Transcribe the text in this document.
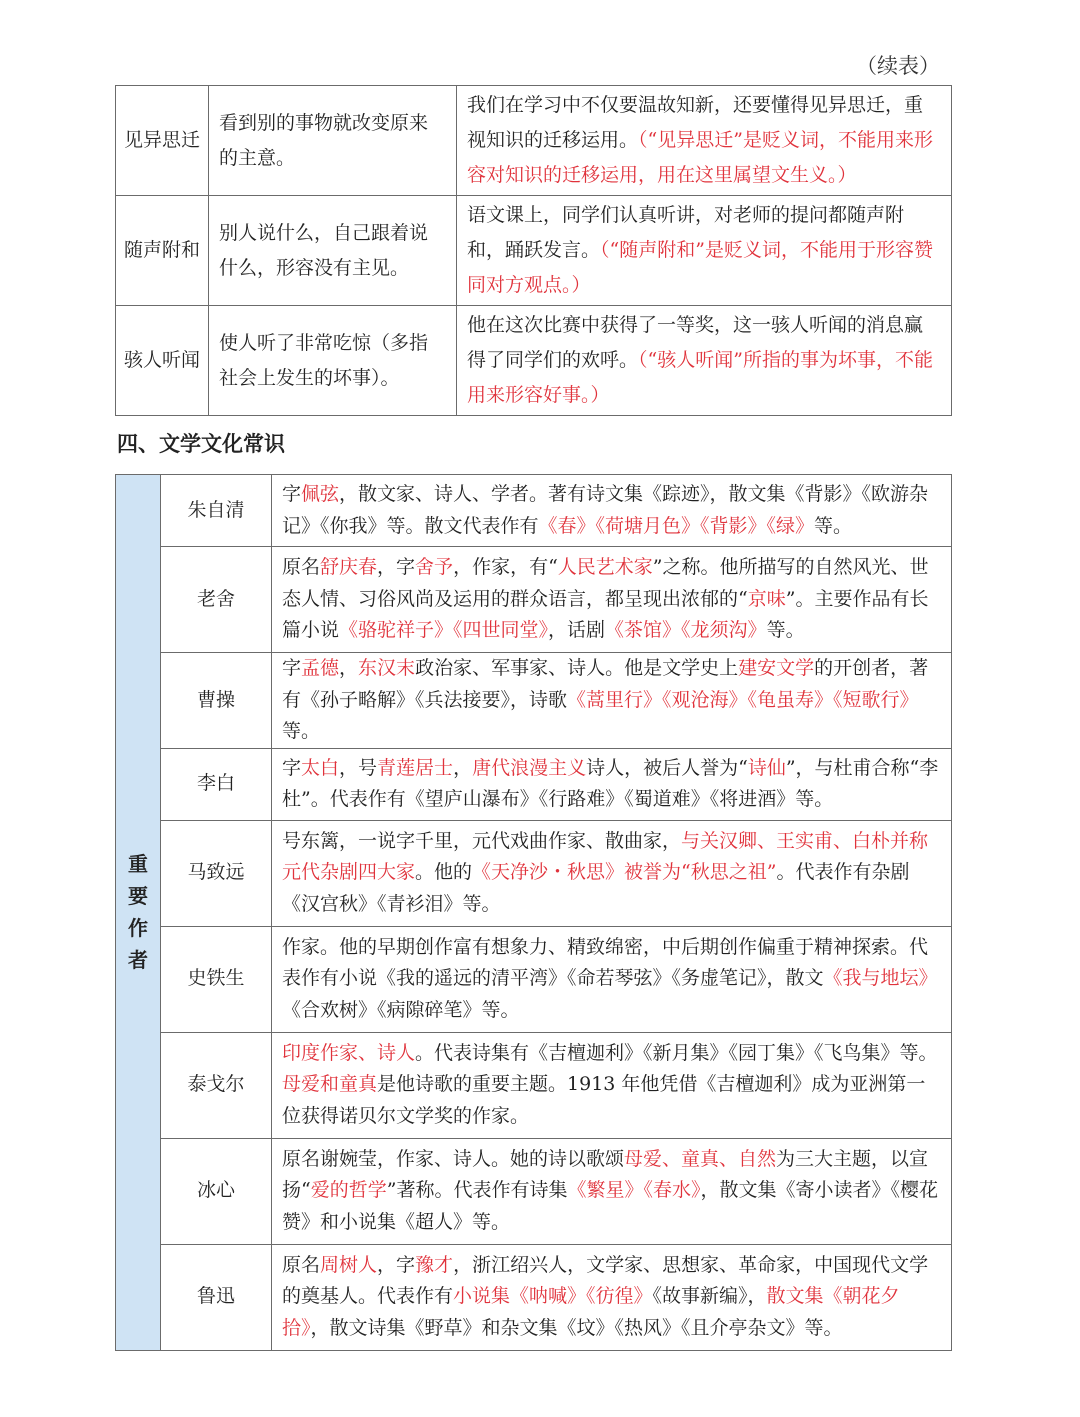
（续表）
见异思迁	看到别的事物就改变原来的主意。	我们在学习中不仅要温故知新，还要懂得见异思迁，重视知识的迁移运用。（“见异思迁”是贬义词，不能用来形容对知识的迁移运用，用在这里属望文生义。）
随声附和	别人说什么，自己跟着说什么，形容没有主见。	语文课上，同学们认真听讲，对老师的提问都随声附和，踊跃发言。（“随声附和”是贬义词，不能用于形容赞同对方观点。）
骇人听闻	使人听了非常吃惊（多指社会上发生的坏事）。	他在这次比赛中获得了一等奖，这一骇人听闻的消息赢得了同学们的欢呼。（“骇人听闻”所指的事为坏事，不能用来形容好事。）
四、文学文化常识
重
要
作
者	朱自清	字佩弦，散文家、诗人、学者。著有诗文集《踪迹》，散文集《背影》《欧游杂记》《你我》等。散文代表作有《春》《荷塘月色》《背影》《绿》等。
	老舍	原名舒庆春，字舍予，作家，有“人民艺术家”之称。他所描写的自然风光、世态人情、习俗风尚及运用的群众语言，都呈现出浓郁的“京味”。主要作品有长篇小说《骆驼祥子》《四世同堂》，话剧《茶馆》《龙须沟》等。
	曹操	字孟德，东汉末政治家、军事家、诗人。他是文学史上建安文学的开创者，著有《孙子略解》《兵法接要》，诗歌《蒿里行》《观沧海》《龟虽寿》《短歌行》等。
	李白	字太白，号青莲居士，唐代浪漫主义诗人，被后人誉为“诗仙”，与杜甫合称“李杜”。代表作有《望庐山瀑布》《行路难》《蜀道难》《将进酒》等。
	马致远	号东篱，一说字千里，元代戏曲作家、散曲家，与关汉卿、王实甫、白朴并称元代杂剧四大家。他的《天净沙・秋思》被誉为“秋思之祖”。代表作有杂剧《汉宫秋》《青衫泪》等。
	史铁生	作家。他的早期创作富有想象力、精致绵密，中后期创作偏重于精神探索。代表作有小说《我的遥远的清平湾》《命若琴弦》《务虚笔记》，散文《我与地坛》《合欢树》《病隙碎笔》等。
	泰戈尔	印度作家、诗人。代表诗集有《吉檀迦利》《新月集》《园丁集》《飞鸟集》等。母爱和童真是他诗歌的重要主题。1913 年他凭借《吉檀迦利》成为亚洲第一位获得诺贝尔文学奖的作家。
	冰心	原名谢婉莹，作家、诗人。她的诗以歌颂母爱、童真、自然为三大主题，以宣扬“爱的哲学”著称。代表作有诗集《繁星》《春水》，散文集《寄小读者》《樱花赞》和小说集《超人》等。
	鲁迅	原名周树人，字豫才，浙江绍兴人，文学家、思想家、革命家，中国现代文学的奠基人。代表作有小说集《呐喊》《彷徨》《故事新编》，散文集《朝花夕拾》，散文诗集《野草》和杂文集《坟》《热风》《且介亭杂文》等。
